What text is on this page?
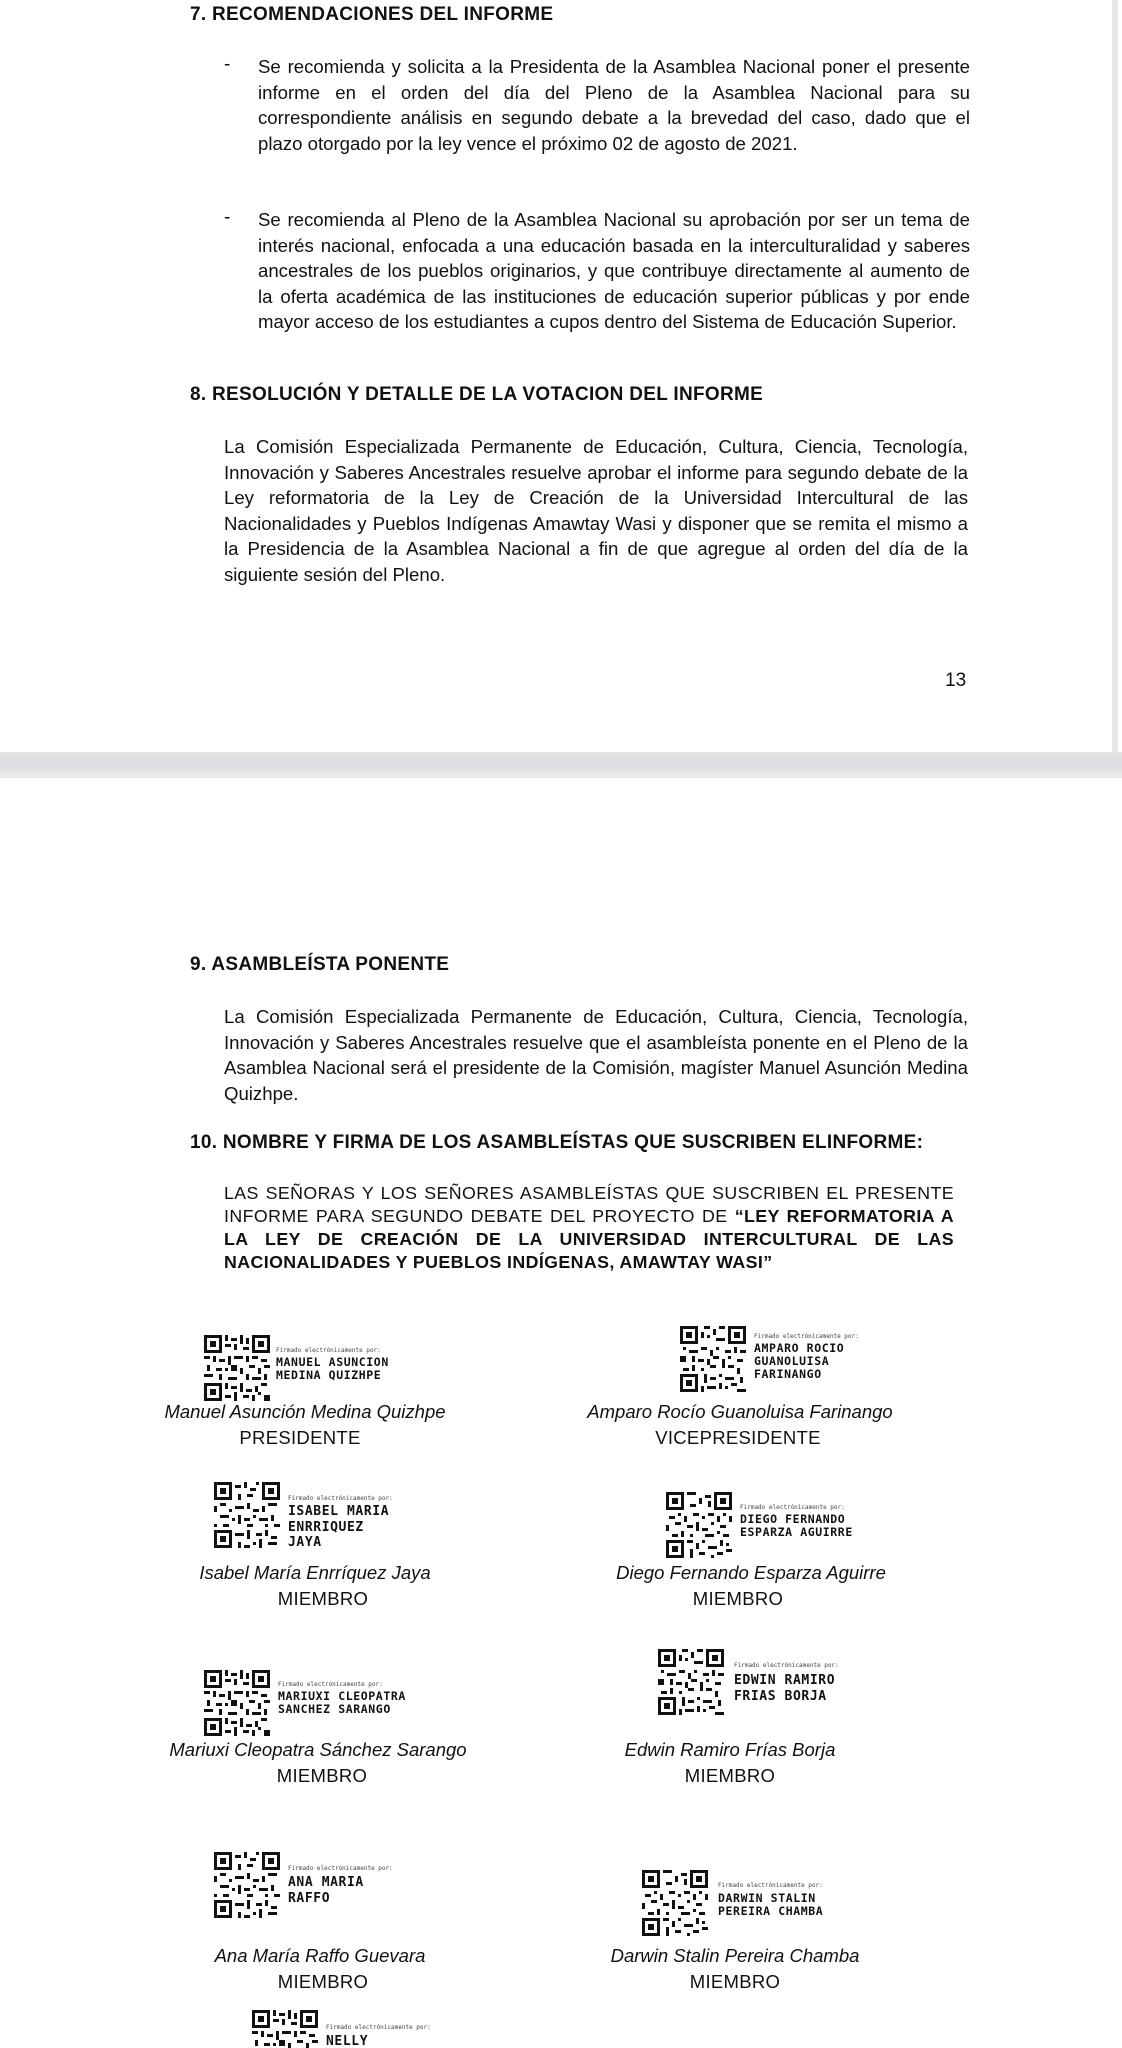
7. RECOMENDACIONES DEL INFORME
- Se recomienda y solicita a la Presidenta de la Asamblea Nacional poner el presente informe en el orden del día del Pleno de la Asamblea Nacional para su correspondiente análisis en segundo debate a la brevedad del caso, dado que el plazo otorgado por la ley vence el próximo 02 de agosto de 2021.
- Se recomienda al Pleno de la Asamblea Nacional su aprobación por ser un tema de interés nacional, enfocada a una educación basada en la interculturalidad y saberes ancestrales de los pueblos originarios, y que contribuye directamente al aumento de la oferta académica de las instituciones de educación superior públicas y por ende mayor acceso de los estudiantes a cupos dentro del Sistema de Educación Superior.
8. RESOLUCIÓN Y DETALLE DE LA VOTACION DEL INFORME
La Comisión Especializada Permanente de Educación, Cultura, Ciencia, Tecnología, Innovación y Saberes Ancestrales resuelve aprobar el informe para segundo debate de la Ley reformatoria de la Ley de Creación de la Universidad Intercultural de las Nacionalidades y Pueblos Indígenas Amawtay Wasi y disponer que se remita el mismo a la Presidencia de la Asamblea Nacional a fin de que agregue al orden del día de la siguiente sesión del Pleno.
13
9. ASAMBLEÍSTA PONENTE
La Comisión Especializada Permanente de Educación, Cultura, Ciencia, Tecnología, Innovación y Saberes Ancestrales resuelve que el asambleísta ponente en el Pleno de la Asamblea Nacional será el presidente de la Comisión, magíster Manuel Asunción Medina Quizhpe.
10. NOMBRE Y FIRMA DE LOS ASAMBLEÍSTAS QUE SUSCRIBEN ELINFORME:
LAS SEÑORAS Y LOS SEÑORES ASAMBLEÍSTAS QUE SUSCRIBEN EL PRESENTE INFORME PARA SEGUNDO DEBATE DEL PROYECTO DE “LEY REFORMATORIA A LA LEY DE CREACIÓN DE LA UNIVERSIDAD INTERCULTURAL DE LAS NACIONALIDADES Y PUEBLOS INDÍGENAS, AMAWTAY WASI”
Firmado electrónicamente por:
MANUEL ASUNCION
MEDINA QUIZHPE
Manuel Asunción Medina Quizhpe
PRESIDENTE
Firmado electrónicamente por:
AMPARO ROCIO
GUANOLUISA
FARINANGO
Amparo Rocío Guanoluisa Farinango
VICEPRESIDENTE
Firmado electrónicamente por:
ISABEL MARIA
ENRRIQUEZ
JAYA
Isabel María Enrríquez Jaya
MIEMBRO
Firmado electrónicamente por:
DIEGO FERNANDO
ESPARZA AGUIRRE
Diego Fernando Esparza Aguirre
MIEMBRO
Firmado electrónicamente por:
MARIUXI CLEOPATRA
SANCHEZ SARANGO
Mariuxi Cleopatra Sánchez Sarango
MIEMBRO
Firmado electrónicamente por:
EDWIN RAMIRO
FRIAS BORJA
Edwin Ramiro Frías Borja
MIEMBRO
Firmado electrónicamente por:
ANA MARIA
RAFFO
Ana María Raffo Guevara
MIEMBRO
Firmado electrónicamente por:
DARWIN STALIN
PEREIRA CHAMBA
Darwin Stalin Pereira Chamba
MIEMBRO
Firmado electrónicamente por:
NELLY
